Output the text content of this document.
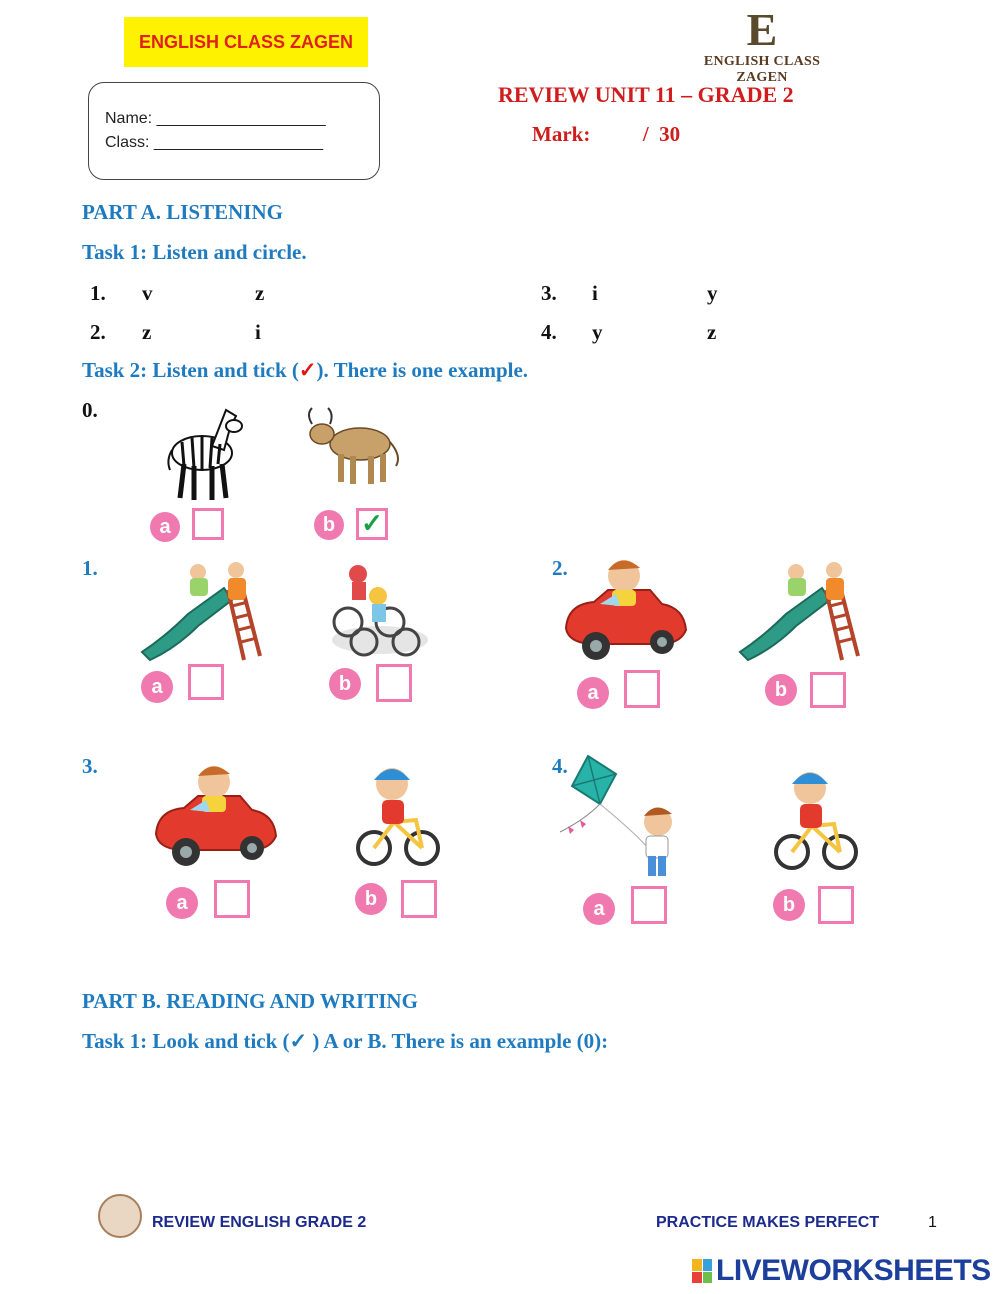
ENGLISH CLASS ZAGEN	E
ENGLISH CLASS ZAGEN
Name: ___________________
Class: ___________________
REVIEW UNIT 11 – GRADE 2
Mark:          /  30
PART A. LISTENING
Task 1: Listen and circle.
1. v	z
2. z	i
3. i	y
4. y	z
Task 2: Listen and tick (✓). There is one example.
0.
a	b ✓
1.
a	b
2.
a	b
3.
a	b
4.
a	b
PART B. READING AND WRITING
Task 1: Look and tick (✓ ) A or B. There is an example (0):
REVIEW ENGLISH GRADE 2	PRACTICE MAKES PERFECT	1
LIVEWORKSHEETS
